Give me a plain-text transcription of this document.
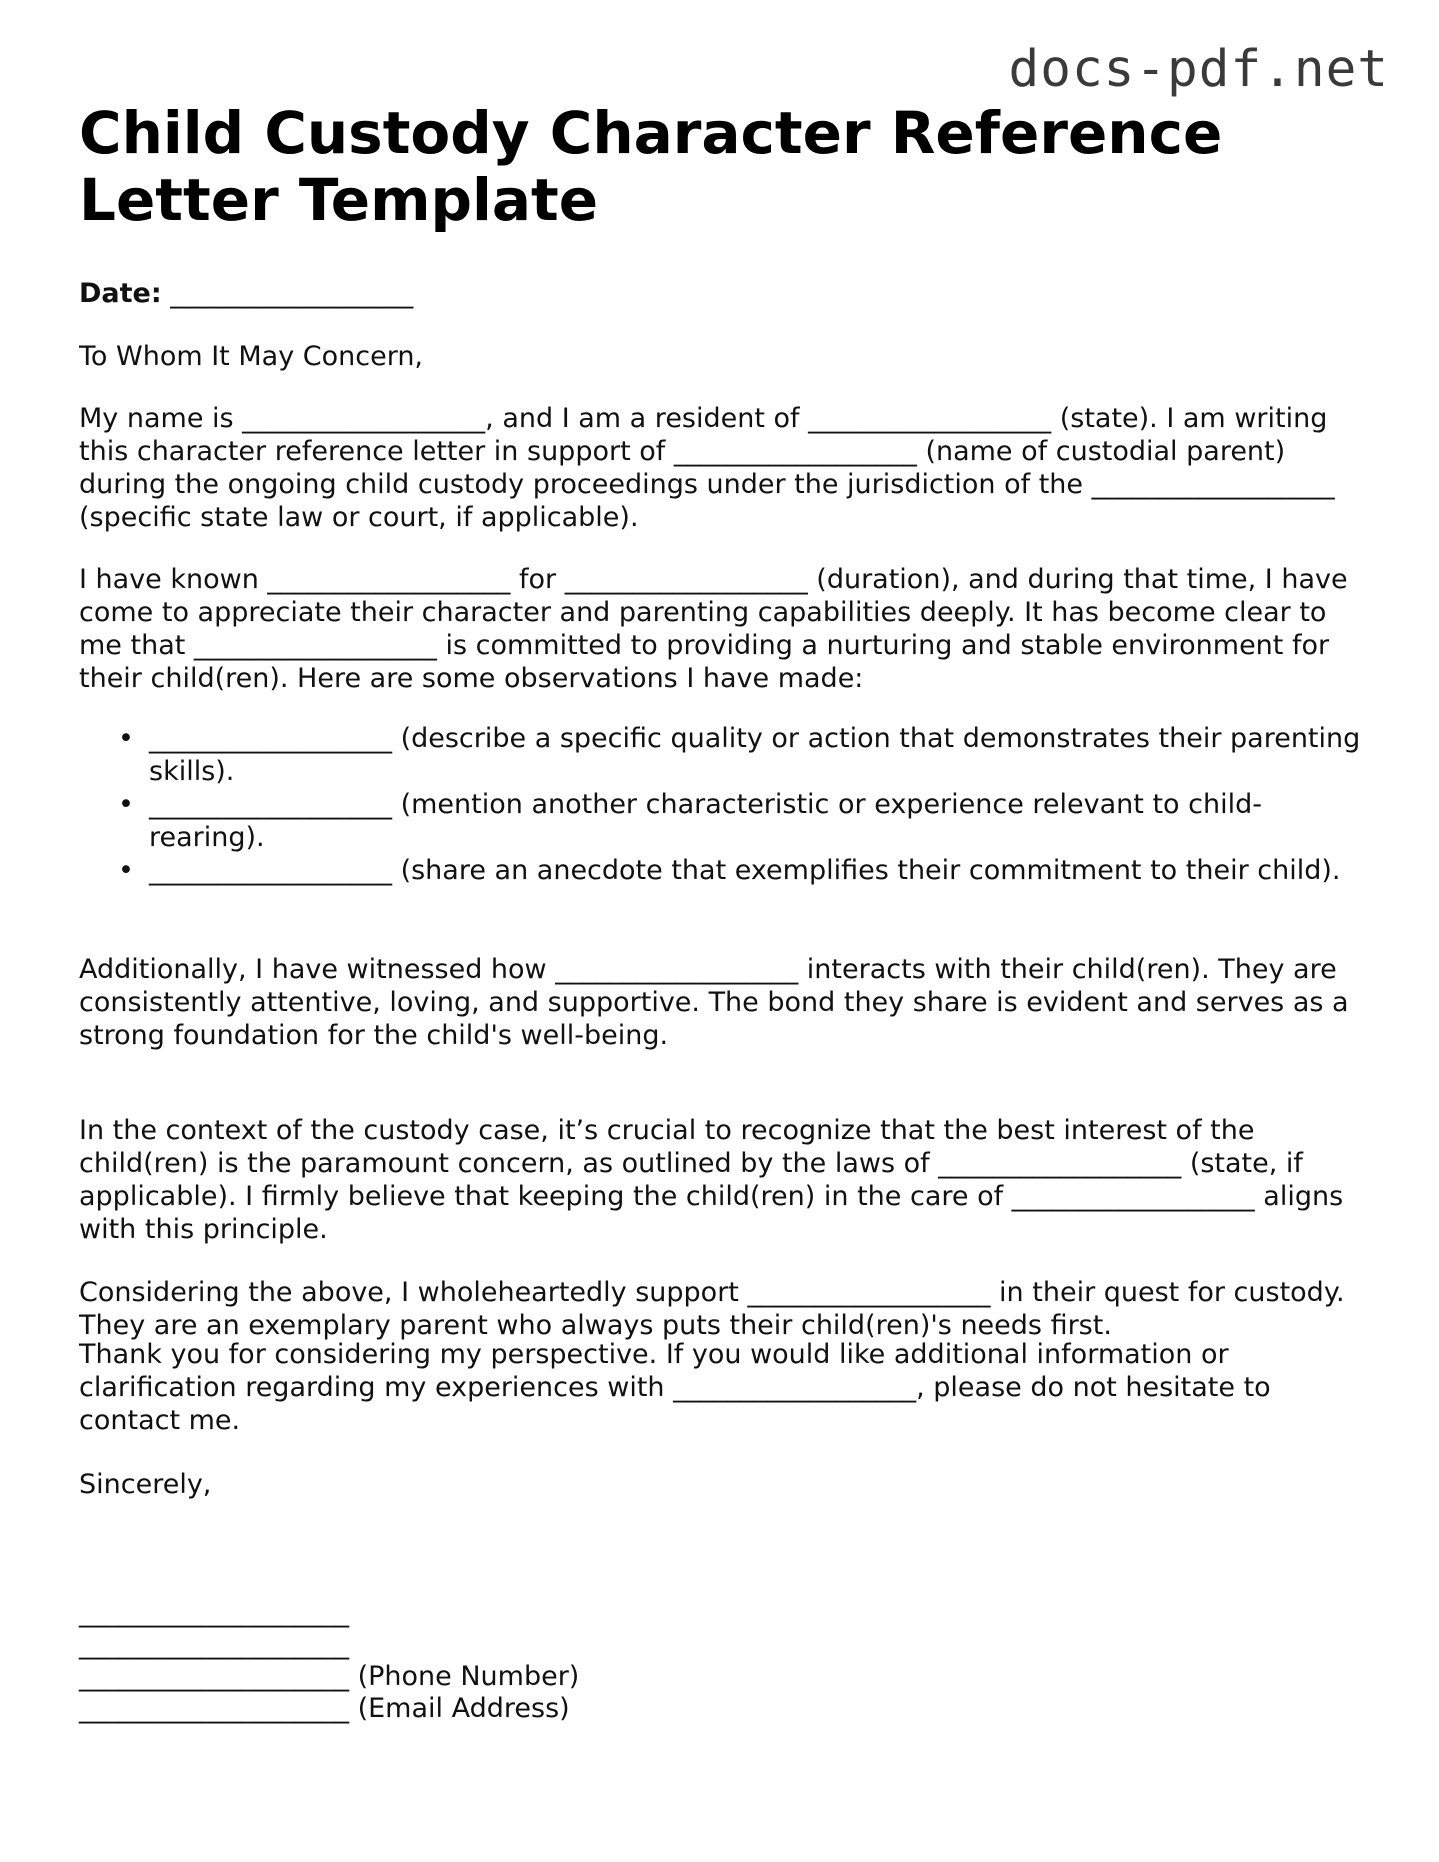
docs-pdf.net
Child Custody Character Reference Letter Template

Date: __________________

To Whom It May Concern,

My name is __________________, and I am a resident of __________________ (state). I am writing this character reference letter in support of __________________ (name of custodial parent) during the ongoing child custody proceedings under the jurisdiction of the __________________ (specific state law or court, if applicable).

I have known __________________ for __________________ (duration), and during that time, I have come to appreciate their character and parenting capabilities deeply. It has become clear to me that __________________ is committed to providing a nurturing and stable environment for their child(ren). Here are some observations I have made:

• __________________ (describe a specific quality or action that demonstrates their parenting skills).
• __________________ (mention another characteristic or experience relevant to child-rearing).
• __________________ (share an anecdote that exemplifies their commitment to their child).

Additionally, I have witnessed how __________________ interacts with their child(ren). They are consistently attentive, loving, and supportive. The bond they share is evident and serves as a strong foundation for the child's well-being.

In the context of the custody case, it’s crucial to recognize that the best interest of the child(ren) is the paramount concern, as outlined by the laws of __________________ (state, if applicable). I firmly believe that keeping the child(ren) in the care of __________________ aligns with this principle.

Considering the above, I wholeheartedly support __________________ in their quest for custody. They are an exemplary parent who always puts their child(ren)'s needs first.

Thank you for considering my perspective. If you would like additional information or clarification regarding my experiences with __________________, please do not hesitate to contact me.

Sincerely,

____________________
____________________
____________________ (Phone Number)
____________________ (Email Address)
